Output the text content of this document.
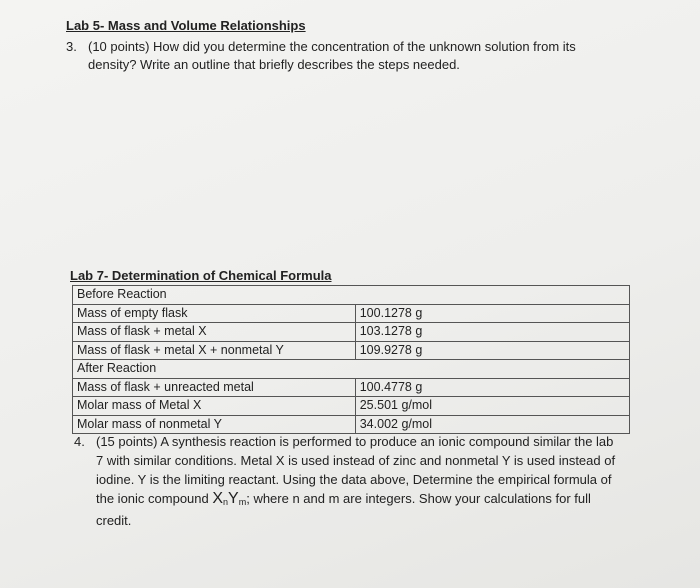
Lab 5- Mass and Volume Relationships
3. (10 points) How did you determine the concentration of the unknown solution from its
density? Write an outline that briefly describes the steps needed.
Lab 7- Determination of Chemical Formula
Before Reaction	
Mass of empty flask	100.1278 g
Mass of flask + metal X	103.1278 g
Mass of flask + metal X + nonmetal Y	109.9278 g
After Reaction	
Mass of flask + unreacted metal	100.4778 g
Molar mass of Metal X	25.501 g/mol
Molar mass of nonmetal Y	34.002 g/mol
4. (15 points) A synthesis reaction is performed to produce an ionic compound similar the lab
7 with similar conditions. Metal X is used instead of zinc and nonmetal Y is used instead of
iodine. Y is the limiting reactant. Using the data above, Determine the empirical formula of
the ionic compound $X_nY_m$; where n and m are integers. Show your calculations for full
credit.
